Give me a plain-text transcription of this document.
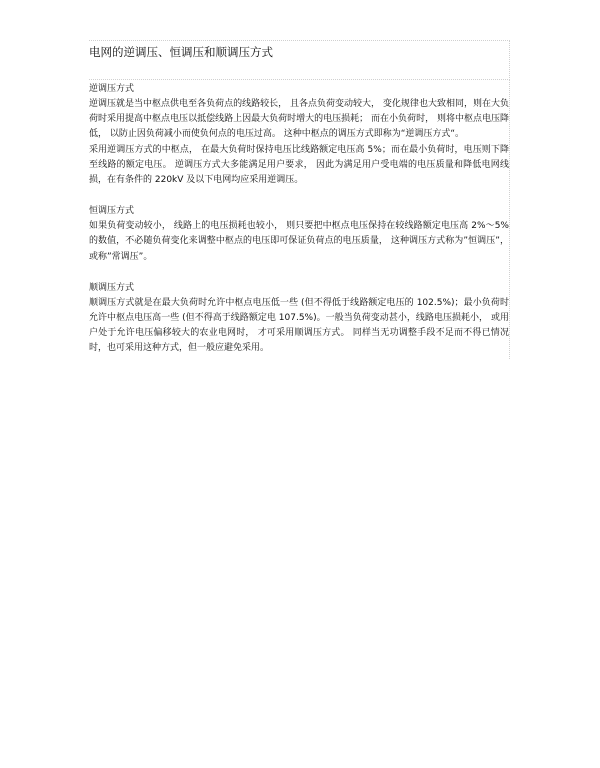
电网的逆调压、恒调压和顺调压方式
逆调压方式

逆调压就是当中枢点供电至各负荷点的线路较长， 且各点负荷变动较大， 变化规律也大致相同，则在大负荷时采用提高中枢点电压以抵偿线路上因最大负荷时增大的电压损耗； 而在小负荷时， 则将中枢点电压降低， 以防止因负荷减小而使负何点的电压过高。 这种中枢点的调压方式即称为“逆调压方式“。

采用逆调压方式的中枢点， 在最大负荷时保持电压比线路额定电压高 5%；而在最小负荷时，电压则下降至线路的额定电压。 逆调压方式大多能满足用户要求， 因此为满足用户受电端的电压质量和降低电网线损，在有条件的 220kV 及以下电网均应采用逆调压。

恒调压方式

如果负荷变动较小， 线路上的电压损耗也较小， 则只要把中枢点电压保持在较线路额定电压高 2%～5%的数值，不必随负荷变化来调整中枢点的电压即可保证负荷点的电压质量， 这种调压方式称为”恒调压”，或称”常调压”。

顺调压方式

顺调压方式就是在最大负荷时允许中枢点电压低一些 (但不得低于线路额定电压的 102.5%)；最小负荷时允许中枢点电压高一些 (但不得高于线路额定电 107.5%)。一般当负荷变动甚小，线路电压损耗小， 或用户处于允许电压偏移较大的农业电网时， 才可采用顺调压方式。 同样当无功调整手段不足而不得已情况时，也可采用这种方式，但一般应避免采用。
